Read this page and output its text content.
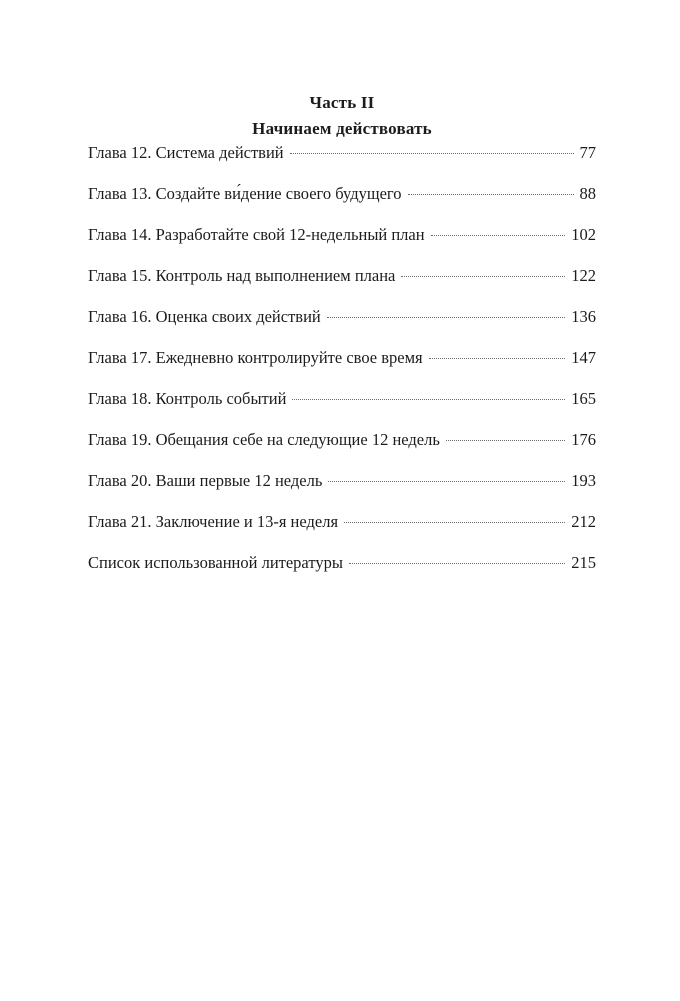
Часть II
Начинаем действовать
Глава 12. Система действий	77
Глава 13. Создайте ви́дение своего будущего	88
Глава 14. Разработайте свой 12-недельный план	102
Глава 15. Контроль над выполнением плана	122
Глава 16. Оценка своих действий	136
Глава 17. Ежедневно контролируйте свое время	147
Глава 18. Контроль событий	165
Глава 19. Обещания себе на следующие 12 недель	176
Глава 20. Ваши первые 12 недель	193
Глава 21. Заключение и 13-я неделя	212
Список использованной литературы	215
